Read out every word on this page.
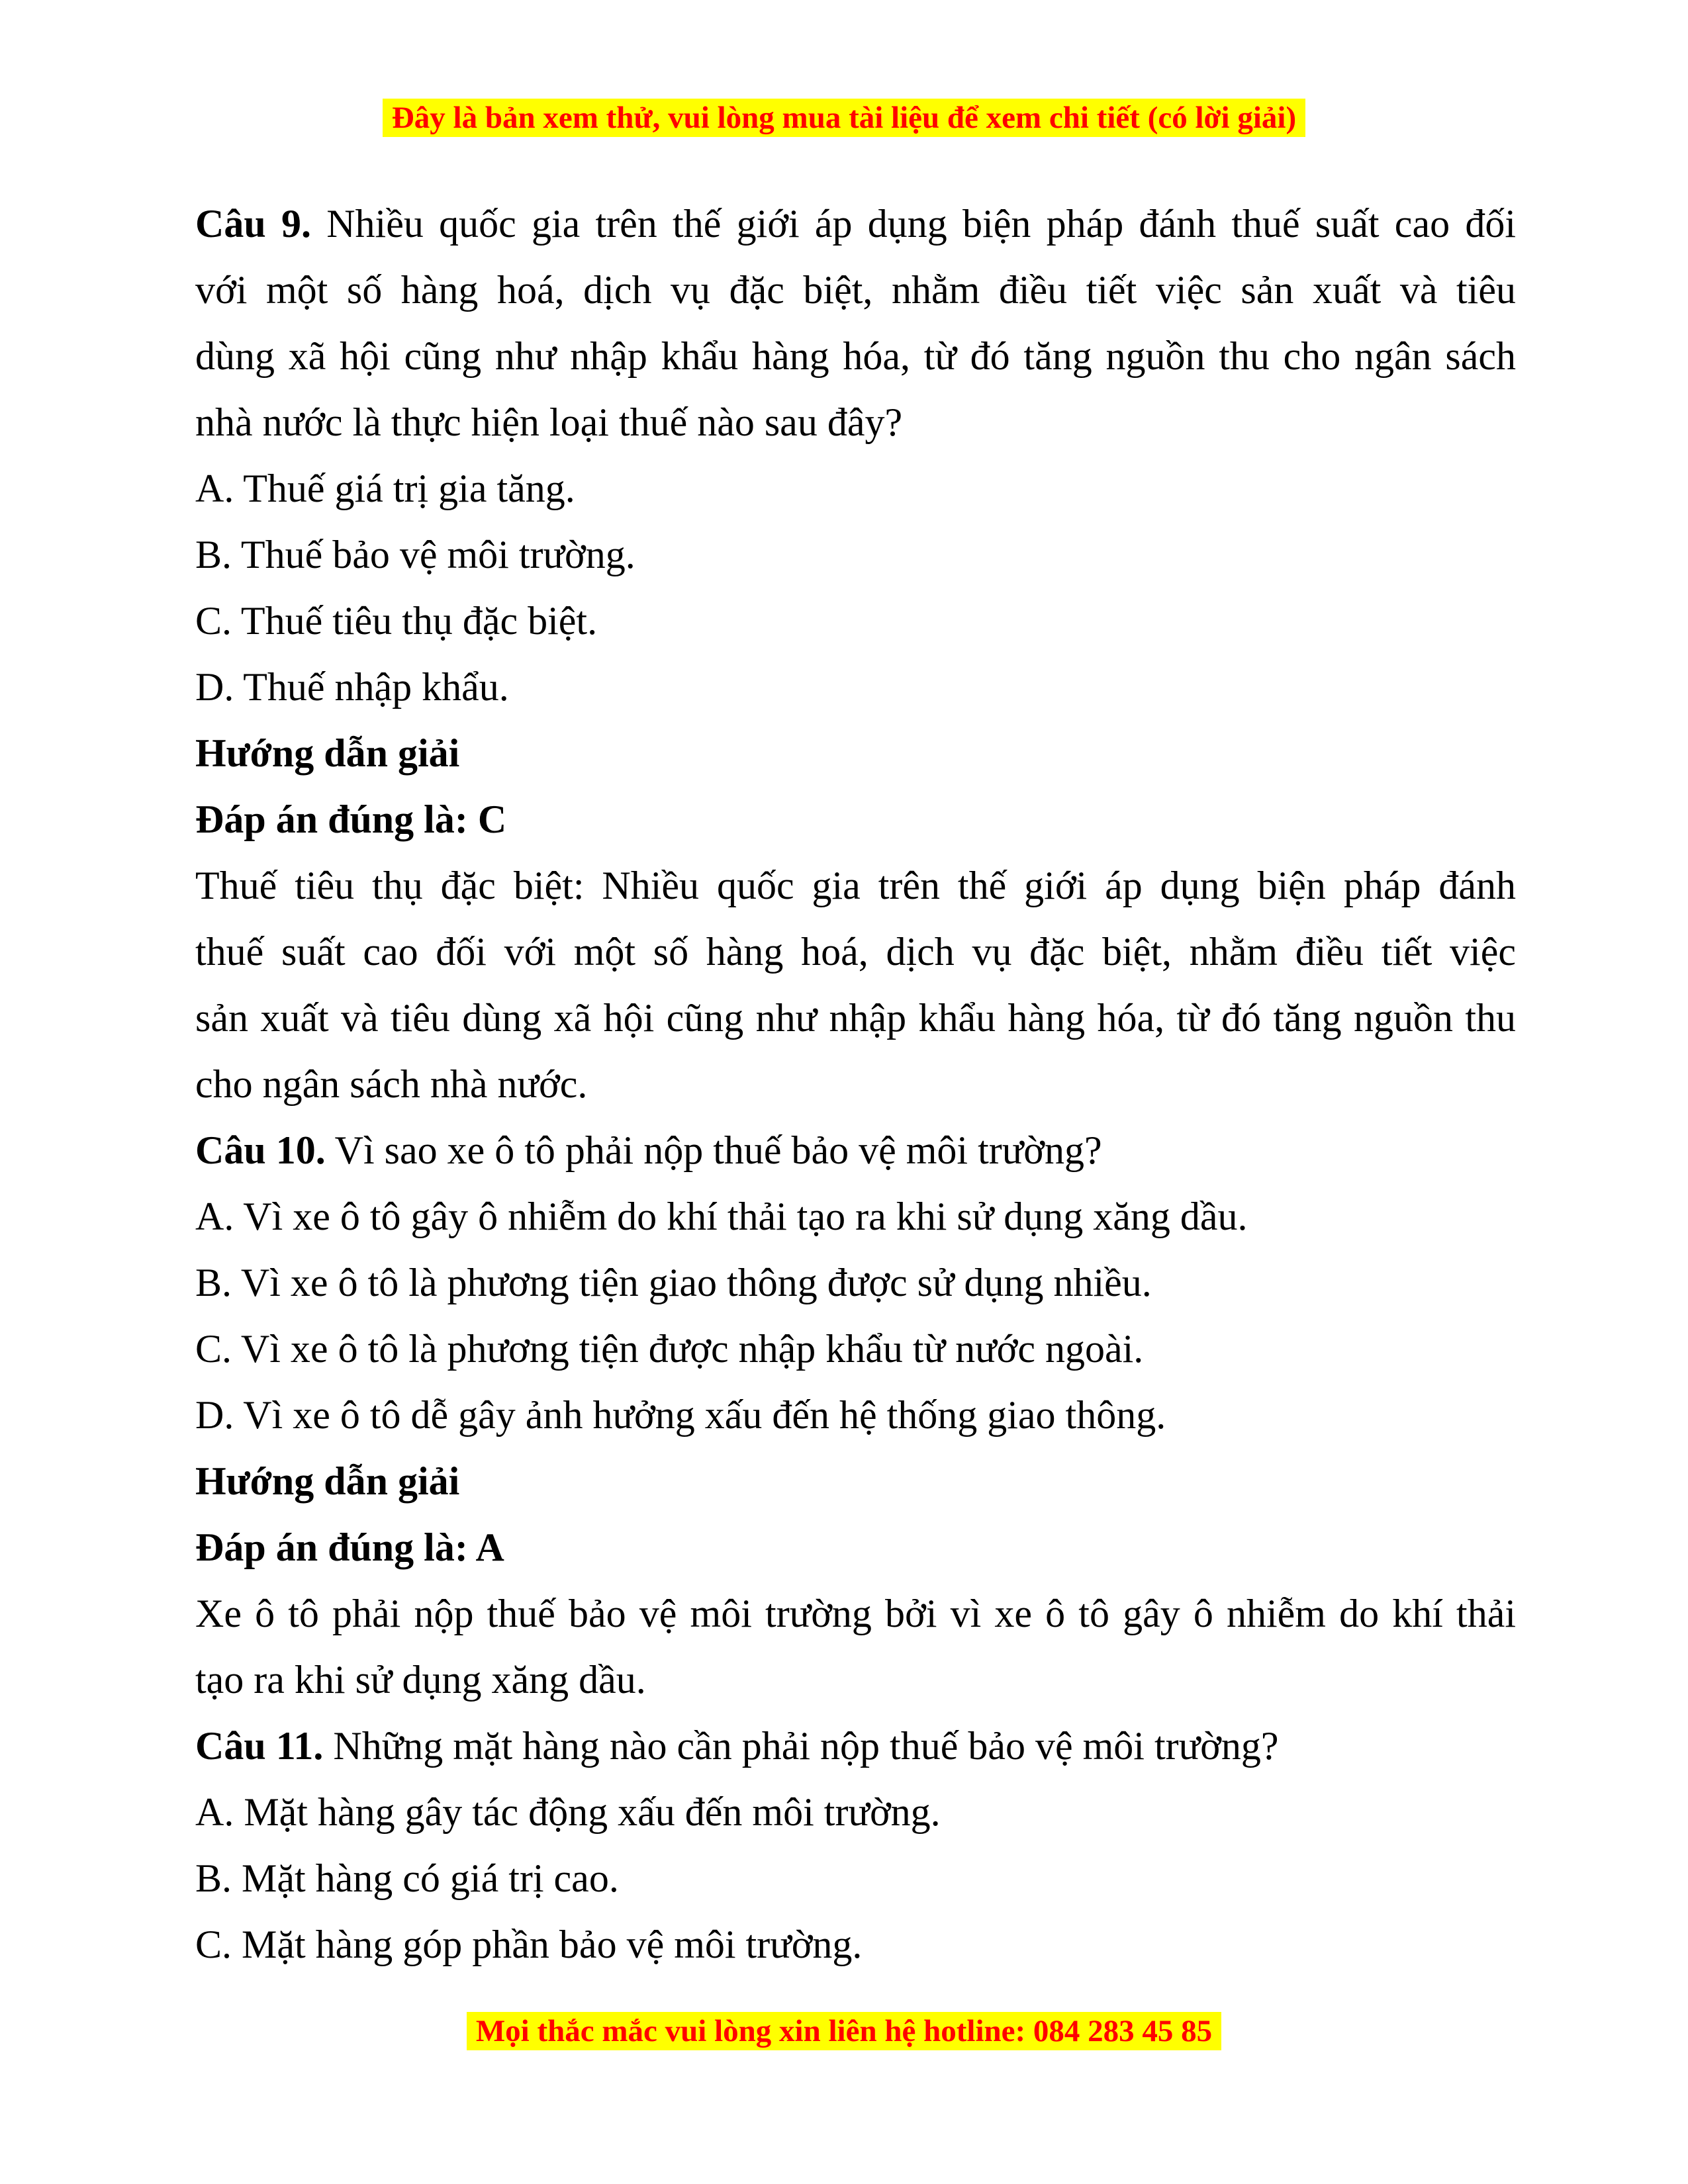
Đây là bản xem thử, vui lòng mua tài liệu để xem chi tiết (có lời giải)
Câu 9. Nhiều quốc gia trên thế giới áp dụng biện pháp đánh thuế suất cao đối
với một số hàng hoá, dịch vụ đặc biệt, nhằm điều tiết việc sản xuất và tiêu
dùng xã hội cũng như nhập khẩu hàng hóa, từ đó tăng nguồn thu cho ngân sách
nhà nước là thực hiện loại thuế nào sau đây?
A. Thuế giá trị gia tăng.
B. Thuế bảo vệ môi trường.
C. Thuế tiêu thụ đặc biệt.
D. Thuế nhập khẩu.
Hướng dẫn giải
Đáp án đúng là: C
Thuế tiêu thụ đặc biệt: Nhiều quốc gia trên thế giới áp dụng biện pháp đánh
thuế suất cao đối với một số hàng hoá, dịch vụ đặc biệt, nhằm điều tiết việc
sản xuất và tiêu dùng xã hội cũng như nhập khẩu hàng hóa, từ đó tăng nguồn thu
cho ngân sách nhà nước.
Câu 10. Vì sao xe ô tô phải nộp thuế bảo vệ môi trường?
A. Vì xe ô tô gây ô nhiễm do khí thải tạo ra khi sử dụng xăng dầu.
B. Vì xe ô tô là phương tiện giao thông được sử dụng nhiều.
C. Vì xe ô tô là phương tiện được nhập khẩu từ nước ngoài.
D. Vì xe ô tô dễ gây ảnh hưởng xấu đến hệ thống giao thông.
Hướng dẫn giải
Đáp án đúng là: A
Xe ô tô phải nộp thuế bảo vệ môi trường bởi vì xe ô tô gây ô nhiễm do khí thải
tạo ra khi sử dụng xăng dầu.
Câu 11. Những mặt hàng nào cần phải nộp thuế bảo vệ môi trường?
A. Mặt hàng gây tác động xấu đến môi trường.
B. Mặt hàng có giá trị cao.
C. Mặt hàng góp phần bảo vệ môi trường.
Mọi thắc mắc vui lòng xin liên hệ hotline: 084 283 45 85
